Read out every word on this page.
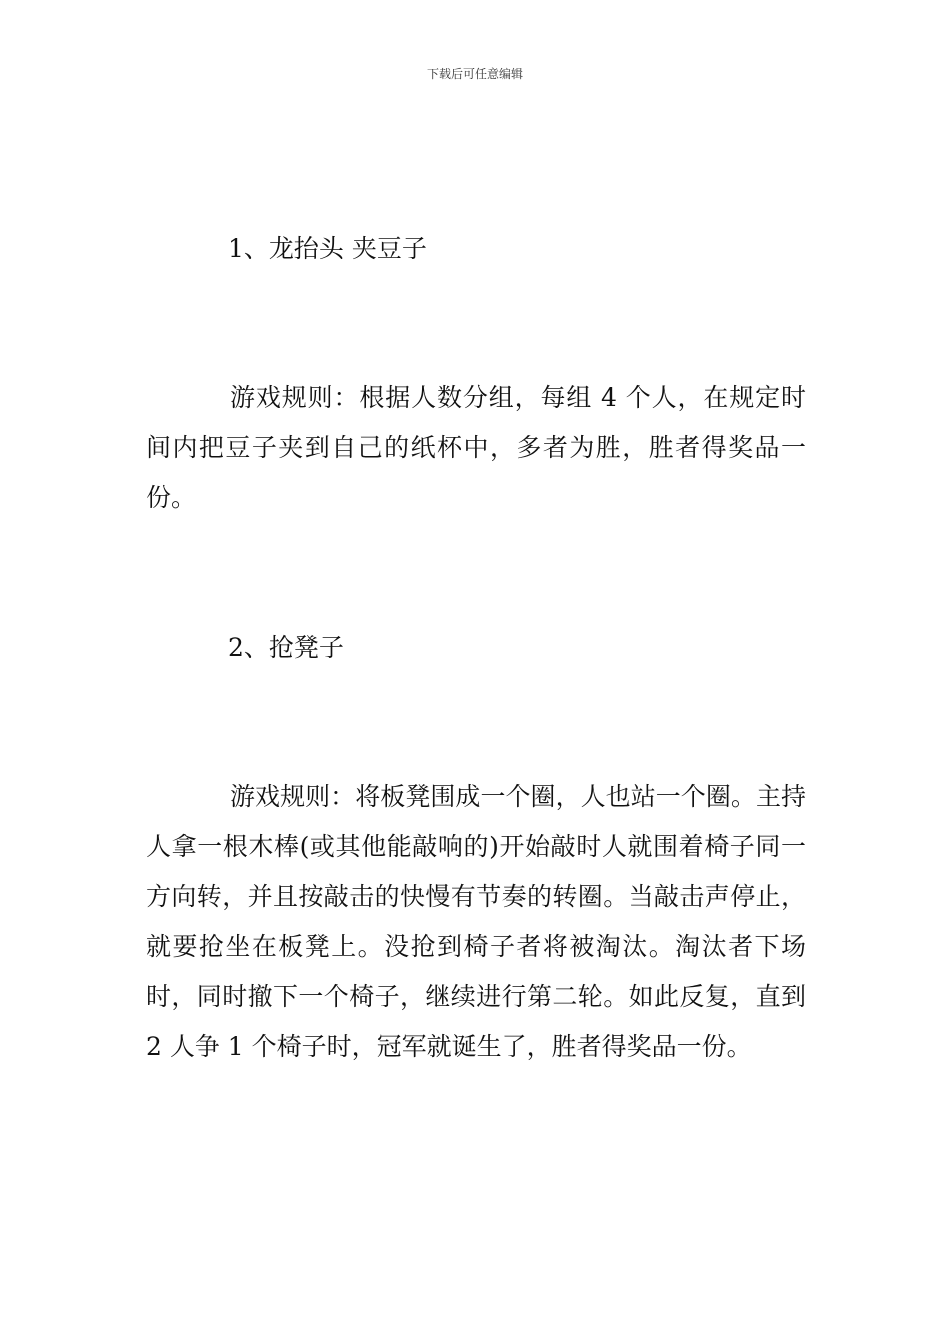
下载后可任意编辑
1、龙抬头 夹豆子
游戏规则：根据人数分组，每组 4 个人，在规定时间内把豆子夹到自己的纸杯中，多者为胜，胜者得奖品一份。
2、抢凳子
游戏规则：将板凳围成一个圈，人也站一个圈。主持人拿一根木棒(或其他能敲响的)开始敲时人就围着椅子同一方向转，并且按敲击的快慢有节奏的转圈。当敲击声停止，就要抢坐在板凳上。没抢到椅子者将被淘汰。淘汰者下场时，同时撤下一个椅子，继续进行第二轮。如此反复，直到 2 人争 1 个椅子时，冠军就诞生了，胜者得奖品一份。
